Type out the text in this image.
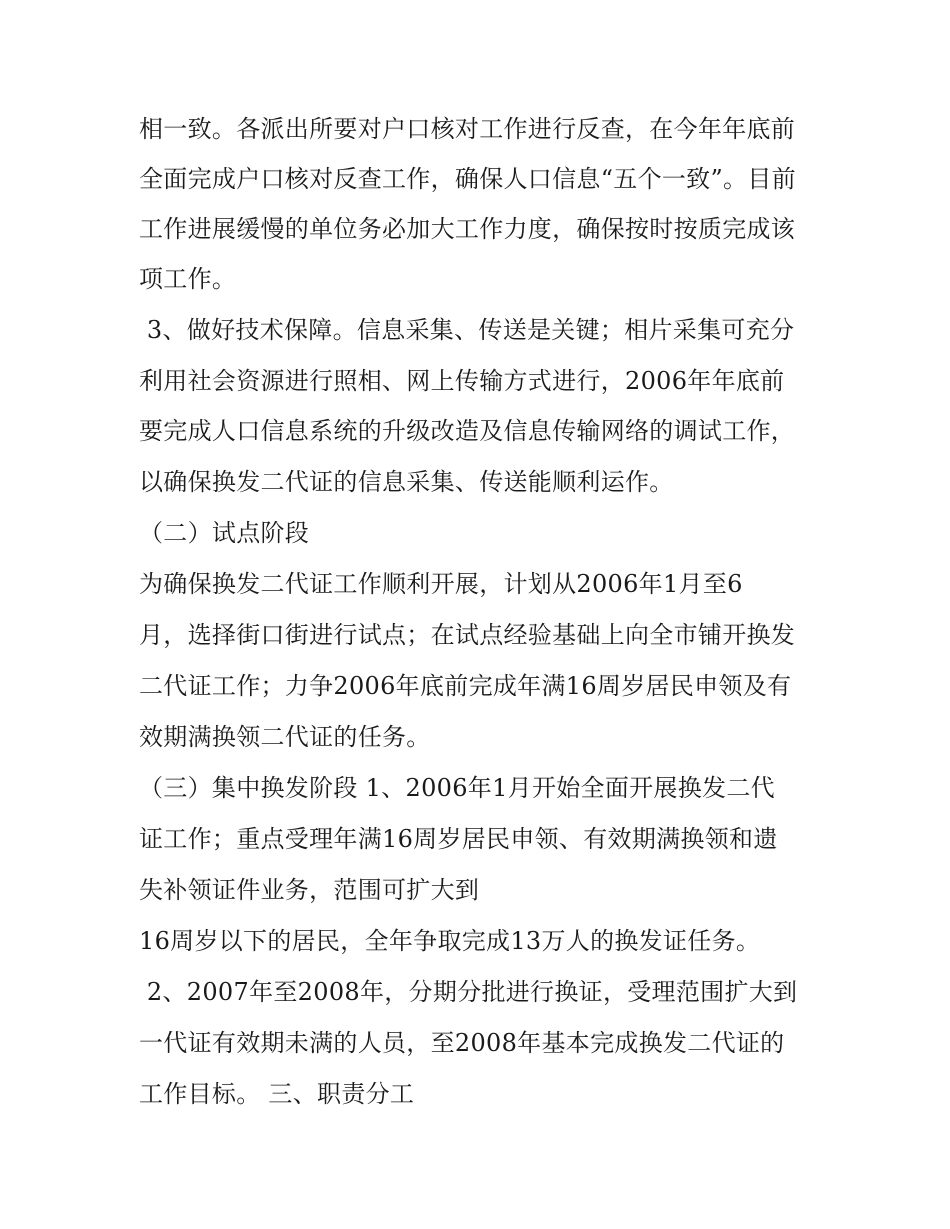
相一致。各派出所要对户口核对工作进行反查，在今年年底前
全面完成户口核对反查工作，确保人口信息“五个一致”。目前
工作进展缓慢的单位务必加大工作力度，确保按时按质完成该
项工作。
3、做好技术保障。信息采集、传送是关键；相片采集可充分
利用社会资源进行照相、网上传输方式进行，2006年年底前
要完成人口信息系统的升级改造及信息传输网络的调试工作，
以确保换发二代证的信息采集、传送能顺利运作。
（二）试点阶段
为确保换发二代证工作顺利开展，计划从2006年1月至6
月，选择街口街进行试点；在试点经验基础上向全市铺开换发
二代证工作；力争2006年底前完成年满16周岁居民申领及有
效期满换领二代证的任务。
（三）集中换发阶段 1、2006年1月开始全面开展换发二代
证工作；重点受理年满16周岁居民申领、有效期满换领和遗
失补领证件业务，范围可扩大到
16周岁以下的居民，全年争取完成13万人的换发证任务。
2、2007年至2008年，分期分批进行换证，受理范围扩大到
一代证有效期未满的人员，至2008年基本完成换发二代证的
工作目标。 三、职责分工
